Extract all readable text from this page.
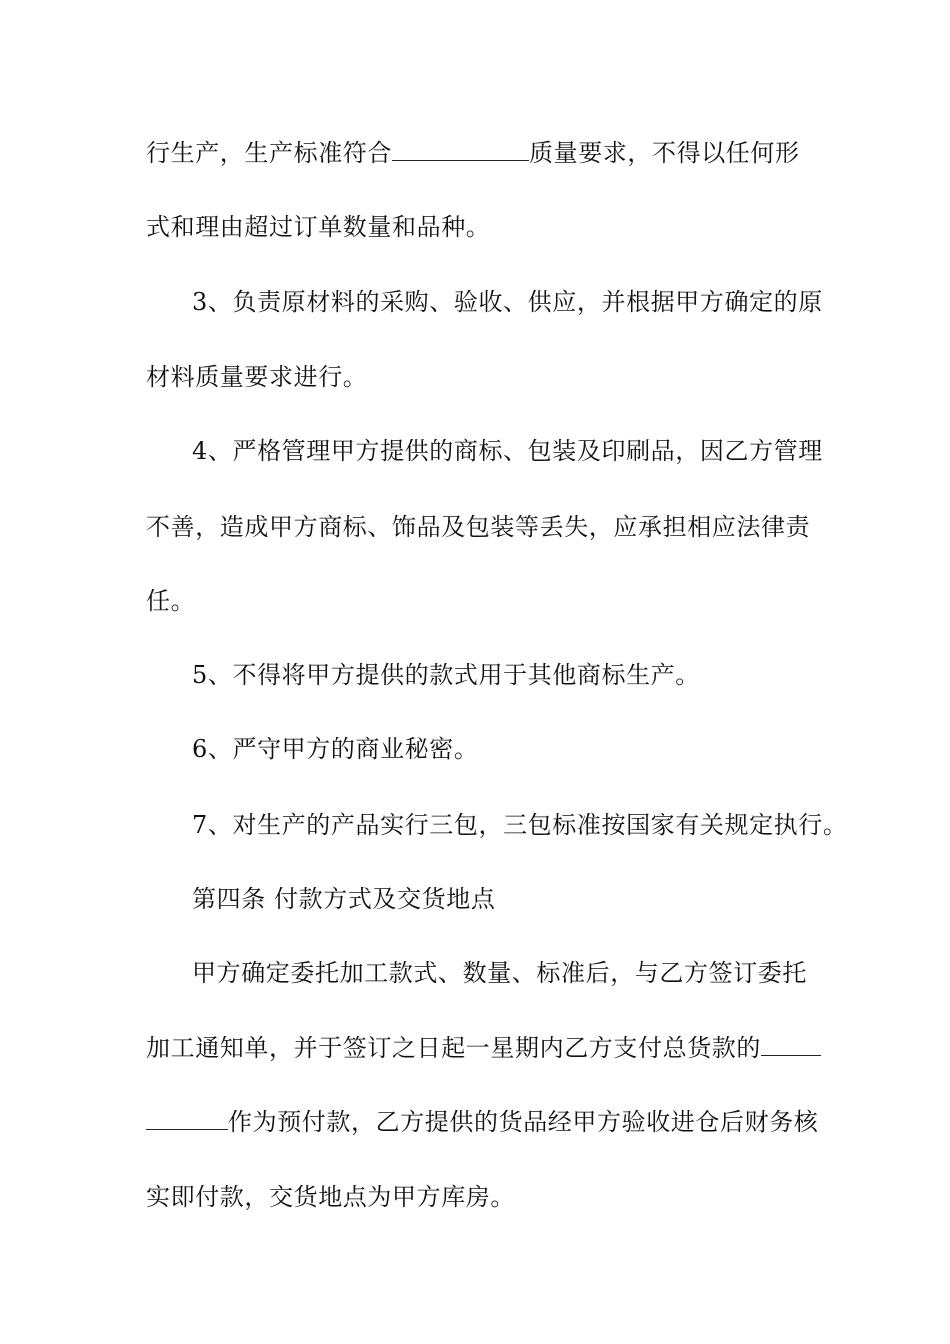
行生产，生产标准符合	质量要求，不得以任何形
式和理由超过订单数量和品种。
3、负责原材料的采购、验收、供应，并根据甲方确定的原
材料质量要求进行。
4、严格管理甲方提供的商标、包装及印刷品，因乙方管理
不善，造成甲方商标、饰品及包装等丢失，应承担相应法律责
任。
5、不得将甲方提供的款式用于其他商标生产。
6、严守甲方的商业秘密。
7、对生产的产品实行三包，三包标准按国家有关规定执行。
第四条 付款方式及交货地点
甲方确定委托加工款式、数量、标准后，与乙方签订委托
加工通知单，并于签订之日起一星期内乙方支付总货款的
作为预付款，乙方提供的货品经甲方验收进仓后财务核
实即付款，交货地点为甲方库房。
